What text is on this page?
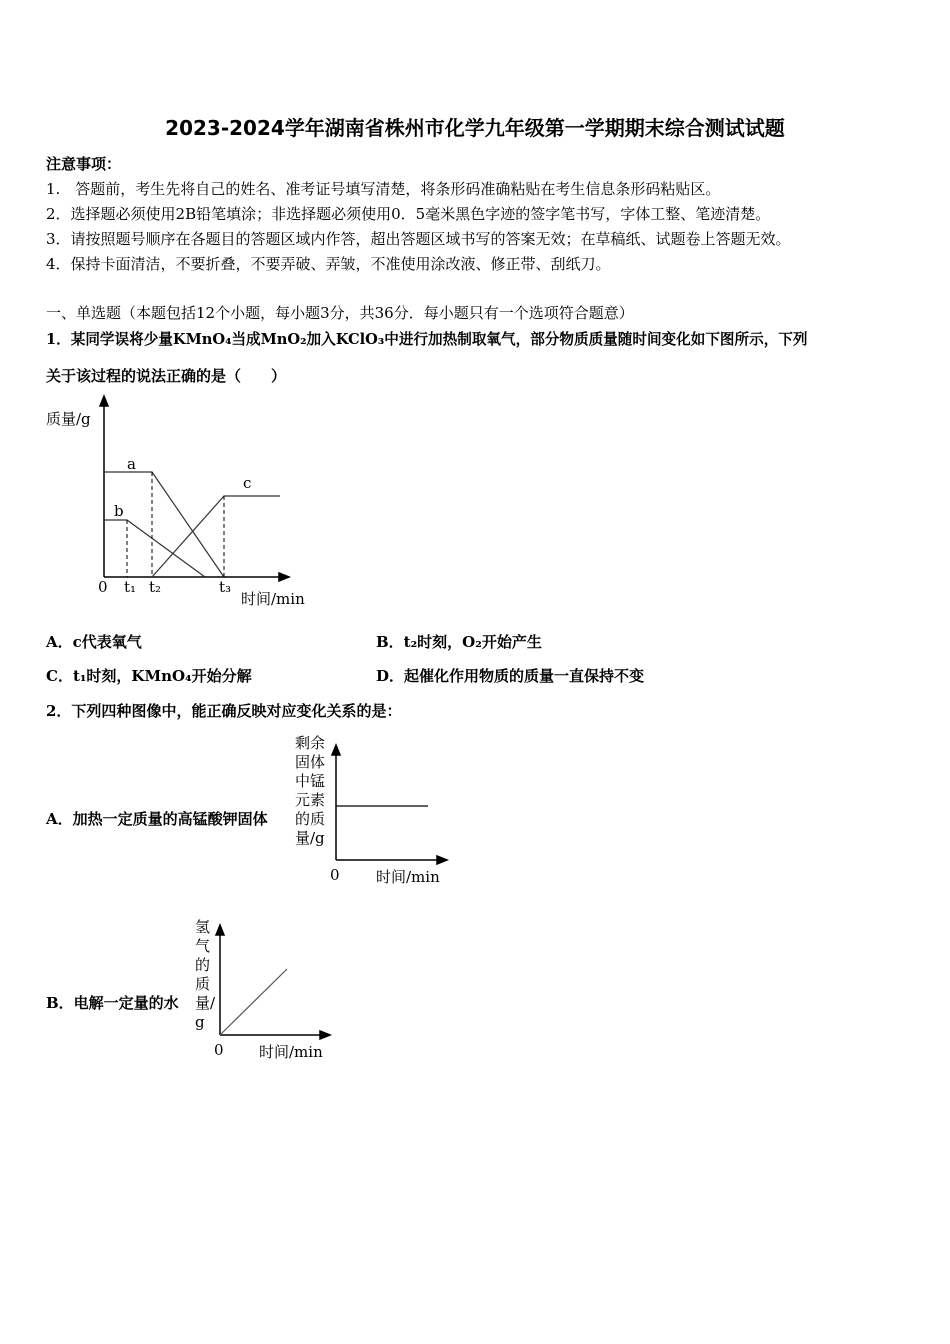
2023-2024学年湖南省株州市化学九年级第一学期期末综合测试试题
注意事项：
1.　答题前，考生先将自己的姓名、准考证号填写清楚，将条形码准确粘贴在考生信息条形码粘贴区。
2．选择题必须使用2B铅笔填涂；非选择题必须使用0．5毫米黑色字迹的签字笔书写，字体工整、笔迹清楚。
3．请按照题号顺序在各题目的答题区域内作答，超出答题区域书写的答案无效；在草稿纸、试题卷上答题无效。
4．保持卡面清洁，不要折叠，不要弄破、弄皱，不准使用涂改液、修正带、刮纸刀。
一、单选题（本题包括12个小题，每小题3分，共36分．每小题只有一个选项符合题意）
1．某同学误将少量KMnO₄当成MnO₂加入KClO₃中进行加热制取氧气，部分物质质量随时间变化如下图所示，下列
关于该过程的说法正确的是（　　）
质量/g
时间/min
0 t₁ t₂	t₃
a
b
c
A．c代表氧气	B．t₂时刻，O₂开始产生
C．t₁时刻，KMnO₄开始分解	D．起催化作用物质的质量一直保持不变
2．下列四种图像中，能正确反映对应变化关系的是：
A．加热一定质量的高锰酸钾固体
剩余固体中锰元素的质量/g
0 时间/min
B．电解一定量的水
氢气的质量/g
0 时间/min
